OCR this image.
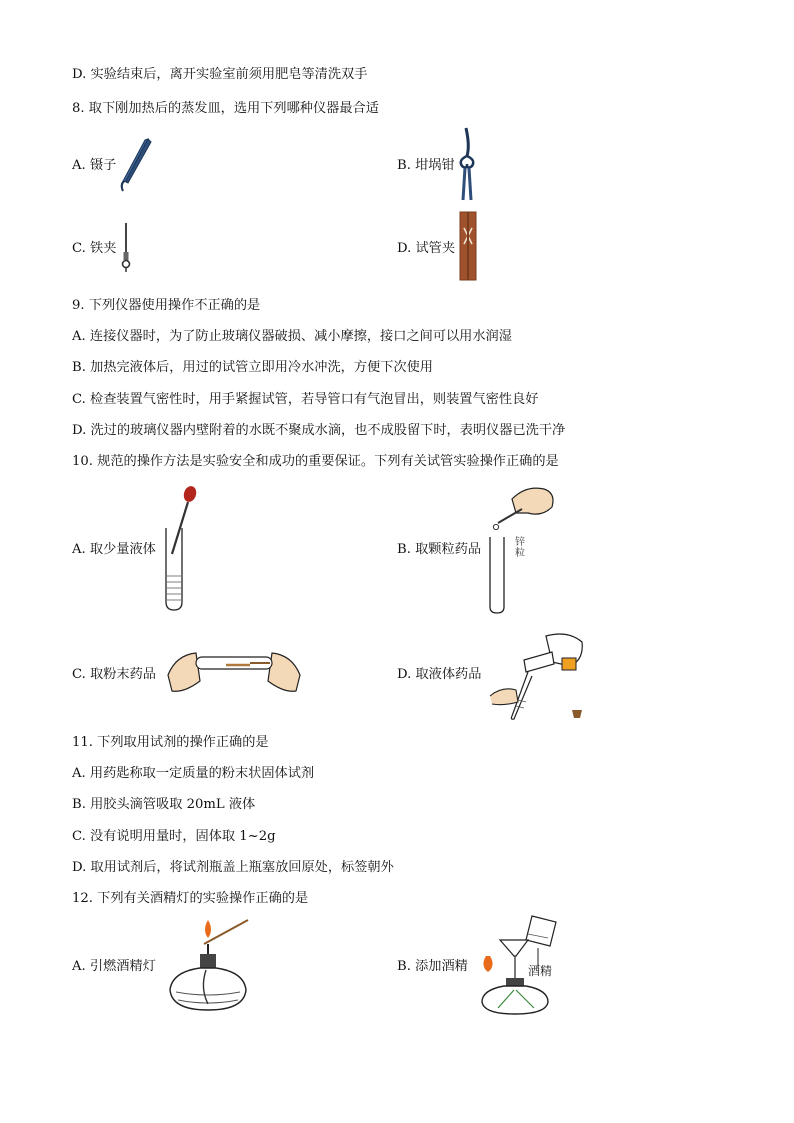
D. 实验结束后，离开实验室前须用肥皂等清洗双手
8. 取下刚加热后的蒸发皿，选用下列哪种仪器最合适
A. 镊子	B. 坩埚钳
C. 铁夹	D. 试管夹
9. 下列仪器使用操作不正确的是
A. 连接仪器时，为了防止玻璃仪器破损、减小摩擦，接口之间可以用水润湿
B. 加热完液体后，用过的试管立即用冷水冲洗，方便下次使用
C. 检查装置气密性时，用手紧握试管，若导管口有气泡冒出，则装置气密性良好
D. 洗过的玻璃仪器内壁附着的水既不聚成水滴，也不成股留下时，表明仪器已洗干净
10. 规范的操作方法是实验安全和成功的重要保证。下列有关试管实验操作正确的是
A. 取少量液体	B. 取颗粒药品	锌粒
C. 取粉末药品	D. 取液体药品
11. 下列取用试剂的操作正确的是
A. 用药匙称取一定质量的粉末状固体试剂
B. 用胶头滴管吸取 20mL 液体
C. 没有说明用量时，固体取 1~2g
D. 取用试剂后，将试剂瓶盖上瓶塞放回原处，标签朝外
12. 下列有关酒精灯的实验操作正确的是
A. 引燃酒精灯	B. 添加酒精	酒精
